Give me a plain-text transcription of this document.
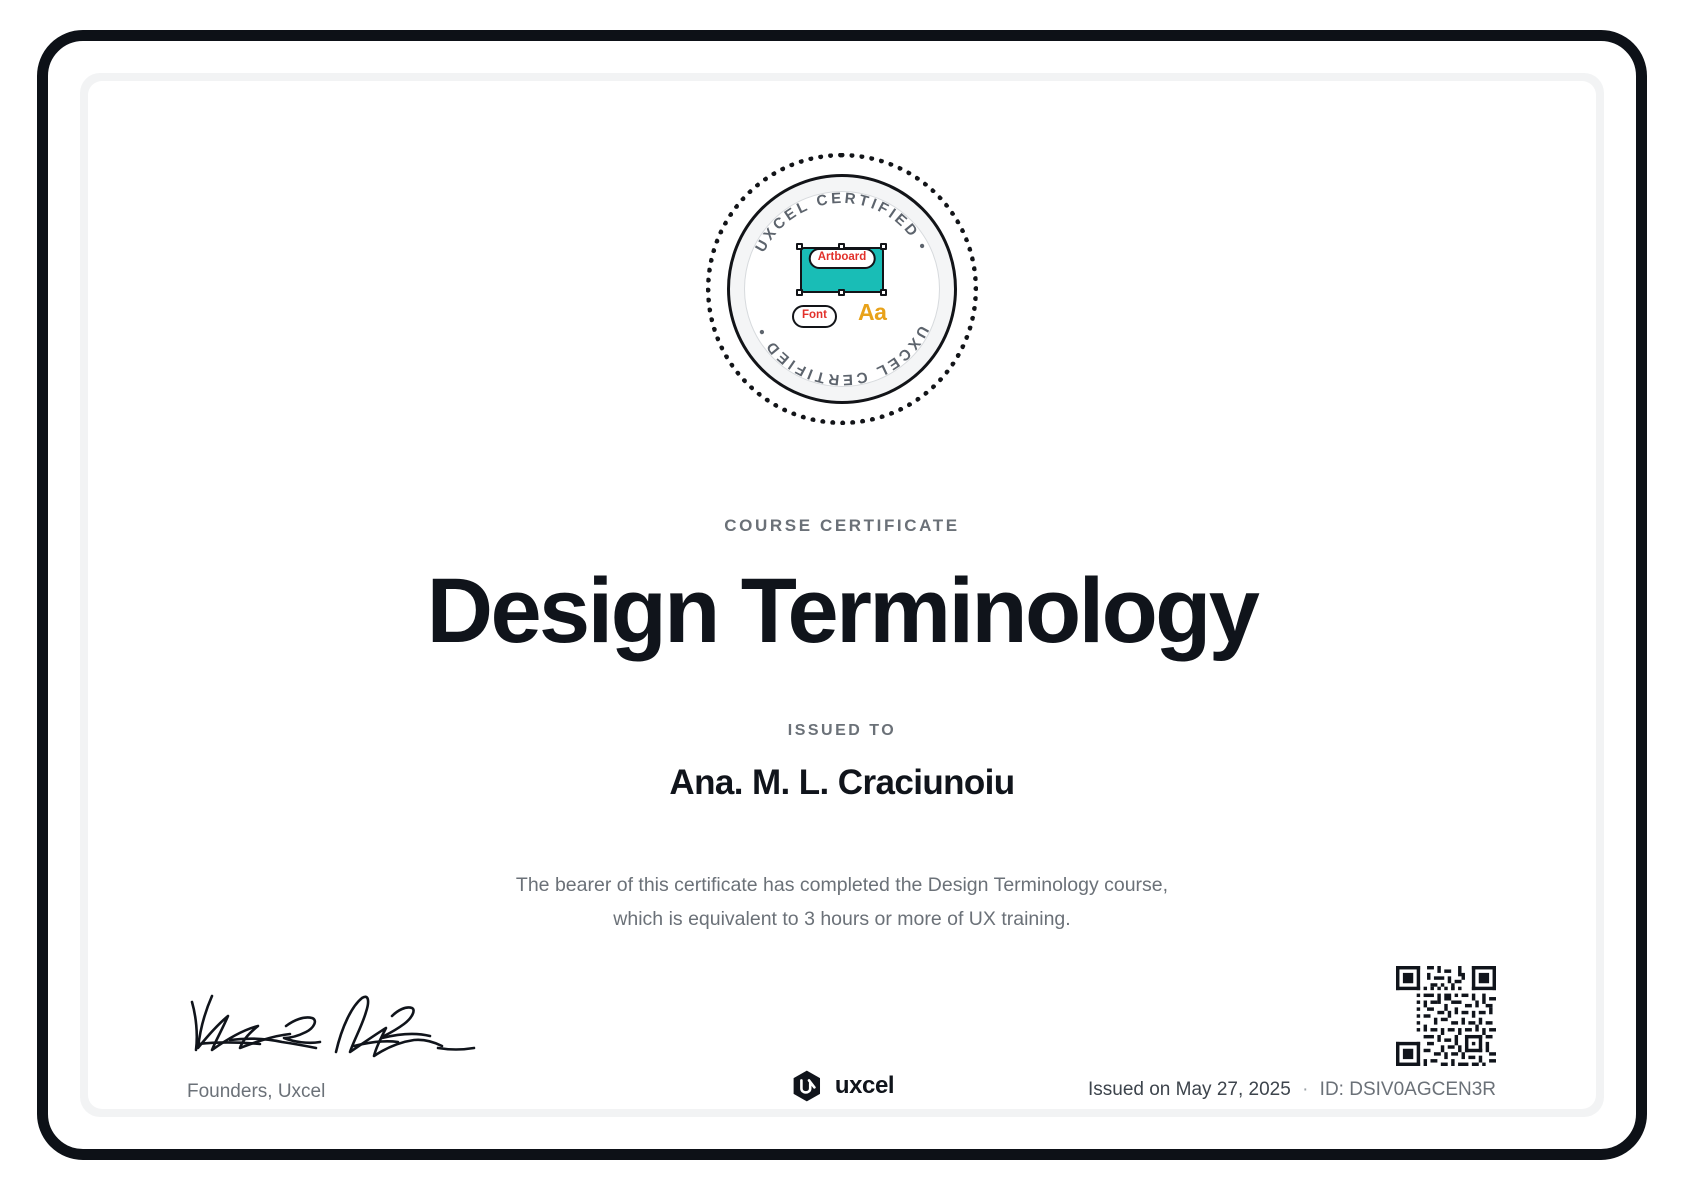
UXCEL CERTIFIED •
UXCEL CERTIFIED •
Artboard
Font	Aa
COURSE CERTIFICATE
Design Terminology
ISSUED TO
Ana. M. L. Craciunoiu
The bearer of this certificate has completed the Design Terminology course,
which is equivalent to 3 hours or more of UX training.
Founders, Uxcel	uxcel	Issued on May 27, 2025 · ID: DSIV0AGCEN3R
